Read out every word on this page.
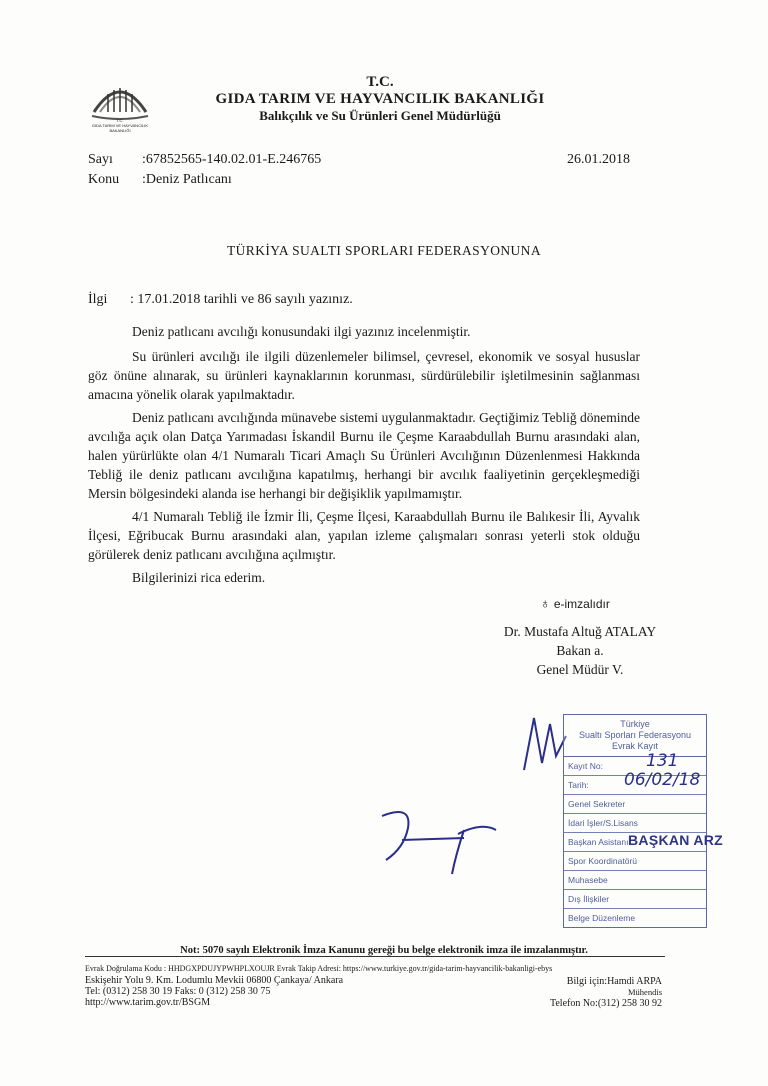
T.C.
GIDA TARIM VE HAYVANCILIK
BAKANLIĞI
T.C.
GIDA TARIM VE HAYVANCILIK BAKANLIĞI
Balıkçılık ve Su Ürünleri Genel Müdürlüğü
Sayı :67852565-140.02.01-E.246765	26.01.2018
Konu :Deniz Patlıcanı
TÜRKİYA SUALTI SPORLARI FEDERASYONUNA
İlgi : 17.01.2018 tarihli ve 86 sayılı yazınız.

Deniz patlıcanı avcılığı konusundaki ilgi yazınız incelenmiştir.

Su ürünleri avcılığı ile ilgili düzenlemeler bilimsel, çevresel, ekonomik ve sosyal hususlar göz önüne alınarak, su ürünleri kaynaklarının korunması, sürdürülebilir işletilmesinin sağlanması amacına yönelik olarak yapılmaktadır.

Deniz patlıcanı avcılığında münavebe sistemi uygulanmaktadır. Geçtiğimiz Tebliğ döneminde avcılığa açık olan Datça Yarımadası İskandil Burnu ile Çeşme Karaabdullah Burnu arasındaki alan, halen yürürlükte olan 4/1 Numaralı Ticari Amaçlı Su Ürünleri Avcılığının Düzenlenmesi Hakkında Tebliğ ile deniz patlıcanı avcılığına kapatılmış, herhangi bir avcılık faaliyetinin gerçekleşmediği Mersin bölgesindeki alanda ise herhangi bir değişiklik yapılmamıştır.

4/1 Numaralı Tebliğ ile İzmir İli, Çeşme İlçesi, Karaabdullah Burnu ile Balıkesir İli, Ayvalık İlçesi, Eğribucak Burnu arasındaki alan, yapılan izleme çalışmaları sonrası yeterli stok olduğu görülerek deniz patlıcanı avcılığına açılmıştır.

Bilgilerinizi rica ederim.

♁ e-imzalıdır
Dr. Mustafa Altuğ ATALAY
Bakan a.
Genel Müdür V.
Türkiye
Sualtı Sporları Federasyonu
Evrak Kayıt
Kayıt No:	131
Tarih: 06/02/18
Genel Sekreter
İdari İşler/S.Lisans
Başkan Asistanı
Spor Koordinatörü
Muhasebe
Dış İlişkiler
Belge Düzenleme
BAŞKAN ARZ
Not: 5070 sayılı Elektronik İmza Kanunu gereği bu belge elektronik imza ile imzalanmıştır.
Evrak Doğrulama Kodu : HHDGXPDUJYPWHPLXOUJR Evrak Takip Adresi: https://www.turkiye.gov.tr/gida-tarim-hayvancilik-bakanligi-ebys
Eskişehir Yolu 9. Km. Lodumlu Mevkii 06800 Çankaya/ Ankara
Tel: (0312) 258 30 19 Faks: 0 (312) 258 30 75
http://www.tarim.gov.tr/BSGM
Bilgi için:Hamdi ARPA
Mühendis
Telefon No:(312) 258 30 92
